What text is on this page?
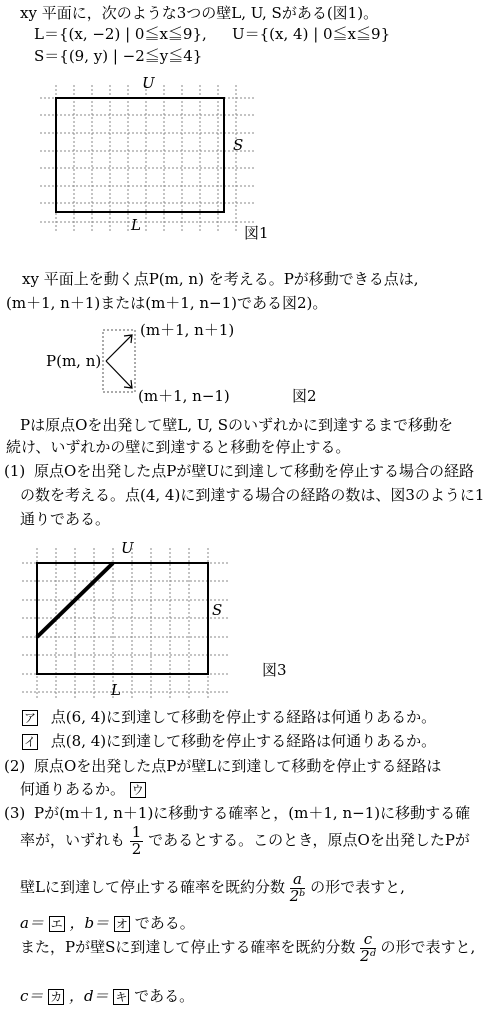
xy 平面に，次のような3つの壁L, U, Sがある(図1)。
L＝{(x, −2) | 0≦x≦9}, U＝{(x, 4) | 0≦x≦9}
S＝{(9, y) | −2≦y≦4}
U
S
L	図1
xy 平面上を動く点P(m, n) を考える。Pが移動できる点は,
(m＋1, n＋1)または(m＋1, n−1)である図2)。
P(m, n)
(m＋1, n＋1)
(m＋1, n−1)	図2
Pは原点Oを出発して壁L, U, Sのいずれかに到達するまで移動を
続け、いずれかの壁に到達すると移動を停止する。
(1) 原点Oを出発した点Pが壁Uに到達して移動を停止する場合の経路
の数を考える。点(4, 4)に到達する場合の経路の数は、図3のように1
通りである。
U
S
L
図3
ア 点(6, 4)に到達して移動を停止する経路は何通りあるか。
イ 点(8, 4)に到達して移動を停止する経路は何通りあるか。
(2) 原点Oを出発した点Pが壁Lに到達して移動を停止する経路は
何通りあるか。 ウ
(3) Pが(m＋1, n＋1)に移動する確率と，(m＋1, n−1)に移動する確
率が，いずれも $\frac{1}{2}$ であるとする。このとき，原点Oを出発したPが
壁Lに到達して停止する確率を既約分数 $\frac{a}{\text{2ᵇ}}$ の形で表すと,
a＝ エ ，b＝ オ である。
また，Pが壁Sに到達して停止する確率を既約分数 $\frac{c}{\text{2ᵈ}}$ の形で表すと,
c＝ カ ，d＝ キ である。
